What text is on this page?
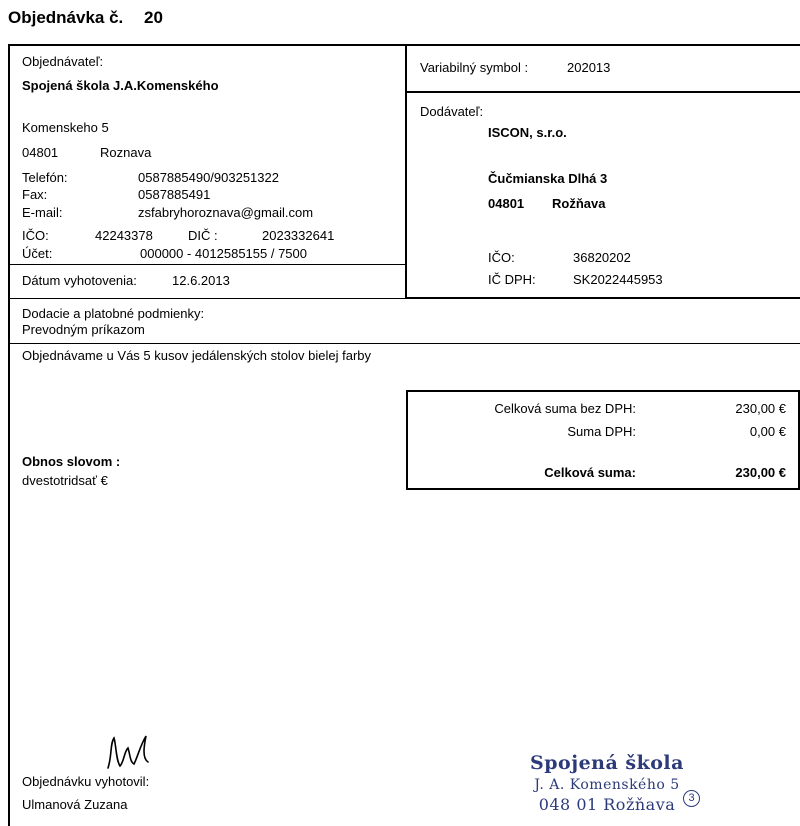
Objednávka č. 20
Objednávateľ:
Spojená škola J.A.Komenského
Komenskeho 5
04801	Roznava
Telefón:	0587885490/903251322
Fax:	0587885491
E-mail:	zsfabryhoroznava@gmail.com
IČO:	42243378	DIČ :	2023332641
Účet:	000000 - 4012585155 / 7500
Dátum vyhotovenia:	12.6.2013
Variabilný symbol :	202013
Dodávateľ:
ISCON, s.r.o.
Čučmianska Dlhá 3
04801 Rožňava
IČO:	36820202
IČ DPH:	SK2022445953
Dodacie a platobné podmienky:
Prevodným príkazom
Objednávame u Vás 5 kusov jedálenských stolov bielej farby
Celková suma bez DPH:	230,00 €
Suma DPH:	0,00 €
Celková suma:	230,00 €
Obnos slovom :
dvestotridsať €
Objednávku vyhotovil:
Ulmanová Zuzana
Spojená škola
J. A. Komenského 5
048 01 Rožňava	3
